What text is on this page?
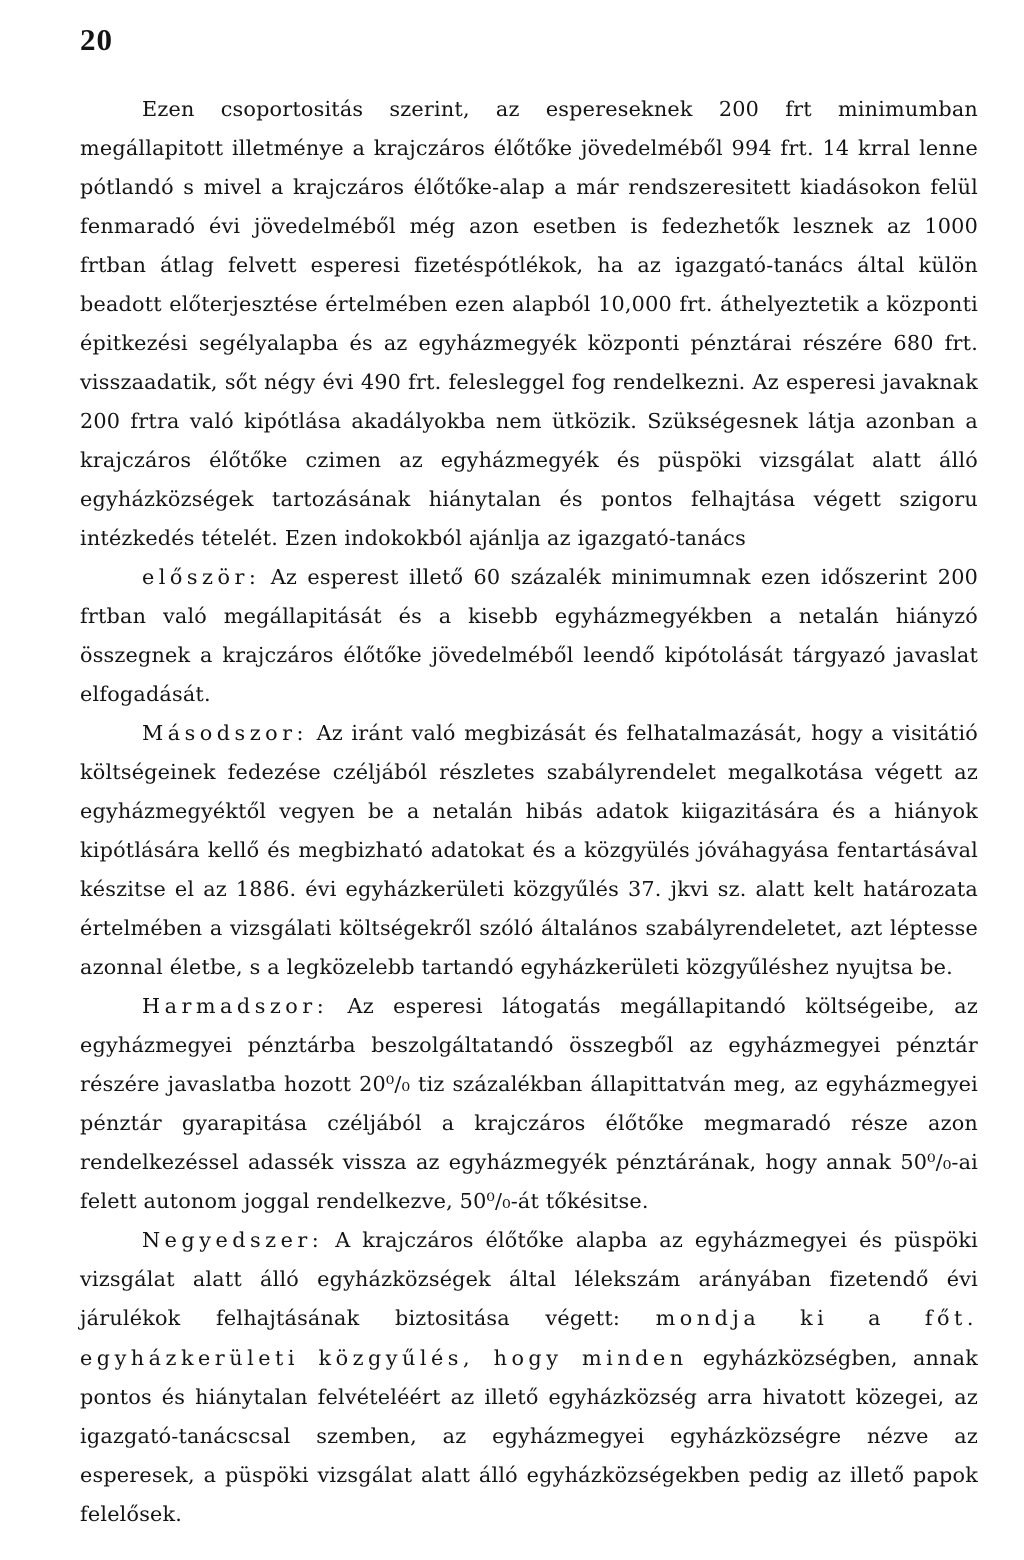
20

Ezen csoportositás szerint, az espereseknek 200 frt minimumban megállapitott illetménye a krajczáros élőtőke jövedelméből 994 frt. 14 krral lenne pótlandó s mivel a krajczáros élőtőke-alap a már rendszeresitett kiadásokon felül fenmaradó évi jövedelméből még azon esetben is fedezhetők lesznek az 1000 frtban átlag felvett esperesi fizetéspótlékok, ha az igazgató-tanács által külön beadott előterjesztése értelmében ezen alapból 10,000 frt. áthelyeztetik a központi épitkezési segélyalapba és az egyházmegyék központi pénztárai részére 680 frt. visszaadatik, sőt négy évi 490 frt. felesleggel fog rendelkezni. Az esperesi javaknak 200 frtra való kipótlása akadályokba nem ütközik. Szükségesnek látja azonban a krajczáros élőtőke czimen az egyházmegyék és püspöki vizsgálat alatt álló egyházközségek tartozásának hiánytalan és pontos felhajtása végett szigoru intézkedés tételét. Ezen indokokból ajánlja az igazgató-tanács

először: Az esperest illető 60 százalék minimumnak ezen időszerint 200 frtban való megállapitását és a kisebb egyházmegyékben a netalán hiányzó összegnek a krajczáros élőtőke jövedelméből leendő kipótolását tárgyazó javaslat elfogadását.

Másodszor: Az iránt való megbizását és felhatalmazását, hogy a visitátió költségeinek fedezése czéljából részletes szabályrendelet megalkotása végett az egyházmegyéktől vegyen be a netalán hibás adatok kiigazitására és a hiányok kipótlására kellő és megbizható adatokat és a közgyülés jóváhagyása fentartásával készitse el az 1886. évi egyházkerületi közgyűlés 37. jkvi sz. alatt kelt határozata értelmében a vizsgálati költségekről szóló általános szabályrendeletet, azt léptesse azonnal életbe, s a legközelebb tartandó egyházkerületi közgyűléshez nyujtsa be.

Harmadszor: Az esperesi látogatás megállapitandó költségeibe, az egyházmegyei pénztárba beszolgáltatandó összegből az egyházmegyei pénztár részére javaslatba hozott 20⁰/₀ tiz százalékban állapittatván meg, az egyházmegyei pénztár gyarapitása czéljából a krajczáros élőtőke megmaradó része azon rendelkezéssel adassék vissza az egyházmegyék pénztárának, hogy annak 50⁰/₀-ai felett autonom joggal rendelkezve, 50⁰/₀-át tőkésitse.

Negyedszer: A krajczáros élőtőke alapba az egyházmegyei és püspöki vizsgálat alatt álló egyházközségek által lélekszám arányában fizetendő évi járulékok felhajtásának biztositása végett: mondja ki a főt. egyházkerületi közgyűlés, hogy minden egyházközségben, annak pontos és hiánytalan felvételéért az illető egyházközség arra hivatott közegei, az igazgató-tanácscsal szemben, az egyházmegyei egyházközségre nézve az esperesek, a püspöki vizsgálat alatt álló egyházközségekben pedig az illető papok felelősek.
